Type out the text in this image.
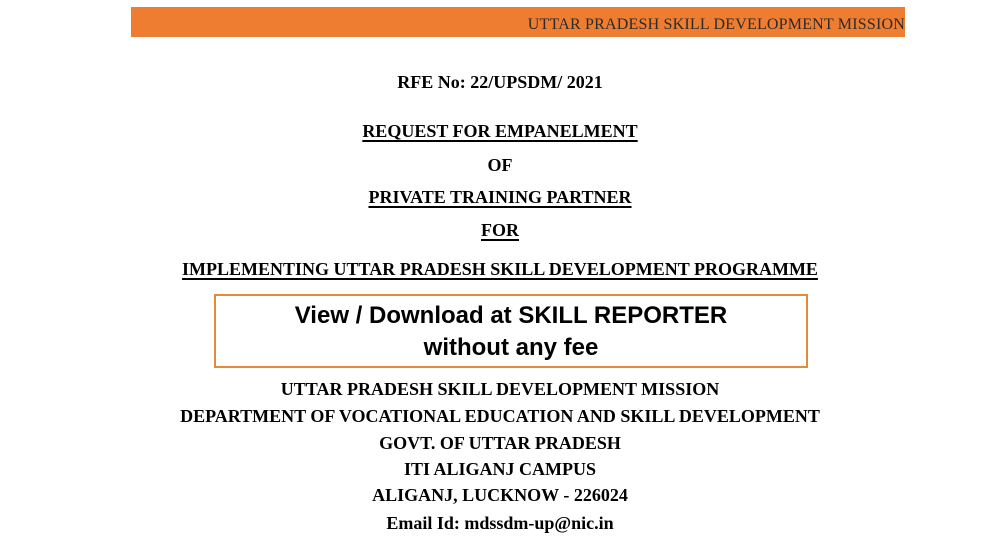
UTTAR PRADESH SKILL DEVELOPMENT MISSION
RFE No: 22/UPSDM/ 2021
REQUEST FOR EMPANELMENT
OF
PRIVATE TRAINING PARTNER
FOR
IMPLEMENTING UTTAR PRADESH SKILL DEVELOPMENT PROGRAMME
View / Download at SKILL REPORTER
without any fee
UTTAR PRADESH SKILL DEVELOPMENT MISSION
DEPARTMENT OF VOCATIONAL EDUCATION AND SKILL DEVELOPMENT
GOVT. OF UTTAR PRADESH
ITI ALIGANJ CAMPUS
ALIGANJ, LUCKNOW - 226024
Email Id: mdssdm-up@nic.in
